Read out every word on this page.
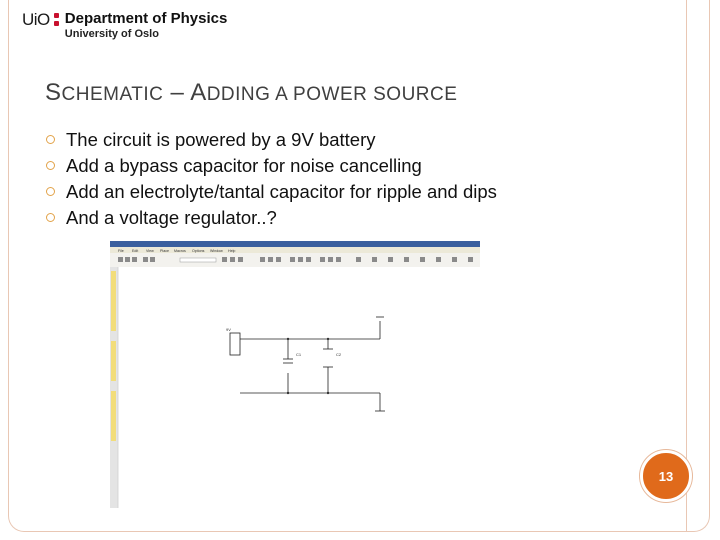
UiO Department of Physics
University of Oslo
SCHEMATIC – ADDING A POWER SOURCE
The circuit is powered by a 9V battery
Add a bypass capacitor for noise cancelling
Add an electrolyte/tantal capacitor for ripple and dips
And a voltage regulator..?
File Edit View Place Macros Options Window Help
9V
C1	C2
13
